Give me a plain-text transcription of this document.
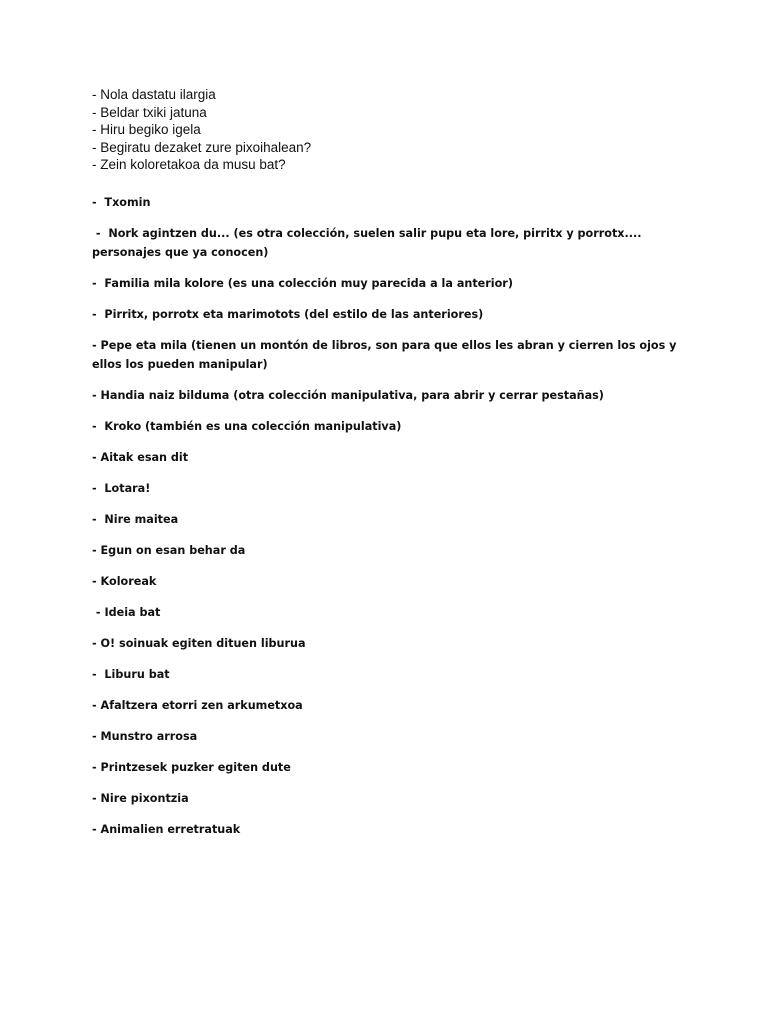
- Nola dastatu ilargia
- Beldar txiki jatuna
- Hiru begiko igela
- Begiratu dezaket zure pixoihalean?
- Zein koloretakoa da musu bat?
-  Txomin
-  Nork agintzen du... (es otra colección, suelen salir pupu eta lore, pirritx y porrotx.... personajes que ya conocen)
-  Familia mila kolore (es una colección muy parecida a la anterior)
-  Pirritx, porrotx eta marimotots (del estilo de las anteriores)
- Pepe eta mila (tienen un montón de libros, son para que ellos les abran y cierren los ojos y ellos los pueden manipular)
- Handia naiz bilduma (otra colección manipulativa, para abrir y cerrar pestañas)
-  Kroko (también es una colección manipulativa)
- Aitak esan dit
-  Lotara!
-  Nire maitea
- Egun on esan behar da
- Koloreak
- Ideia bat
- O! soinuak egiten dituen liburua
-  Liburu bat
- Afaltzera etorri zen arkumetxoa
- Munstro arrosa
- Printzesek puzker egiten dute
- Nire pixontzia
- Animalien erretratuak
